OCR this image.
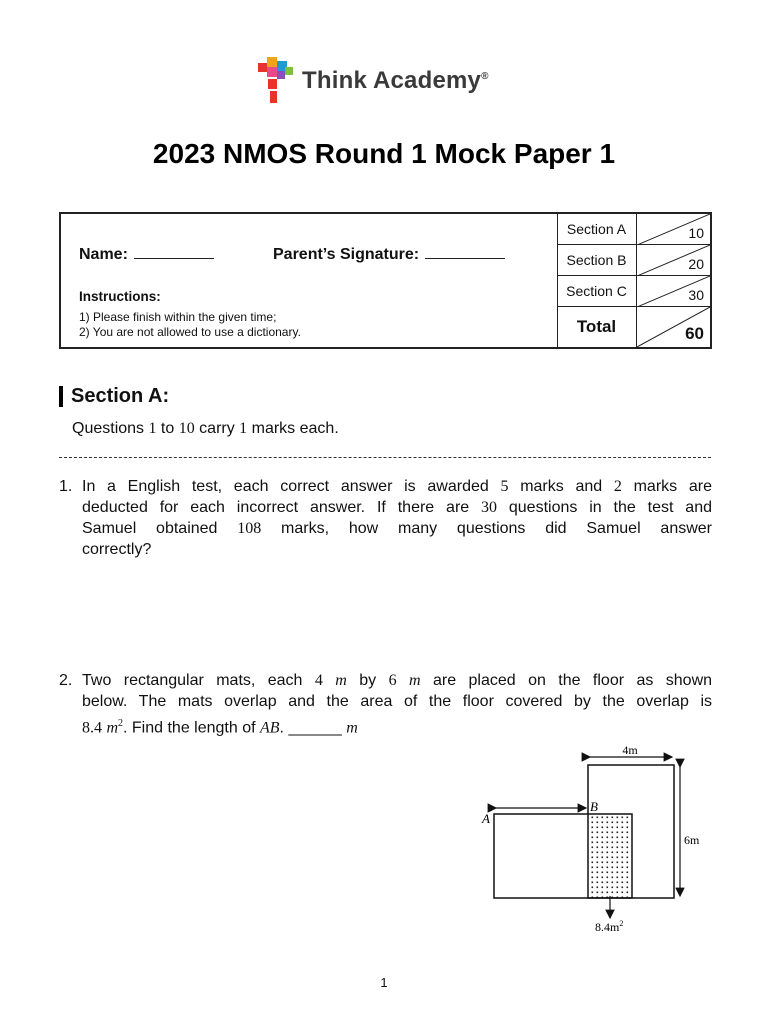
Think Academy®
2023 NMOS Round 1 Mock Paper 1
Name:	Parent’s Signature:
Instructions:
1) Please finish within the given time;
2) You are not allowed to use a dictionary.
Section A	10
Section B	20
Section C	30
Total	60
Section A:
Questions 1 to 10 carry 1 marks each.
1. In a English test, each correct answer is awarded 5 marks and 2 marks are
deducted for each incorrect answer. If there are 30 questions in the test and
Samuel obtained 108 marks, how many questions did Samuel answer
correctly?
2. Two rectangular mats, each 4 m by 6 m are placed on the floor as shown
below. The mats overlap and the area of the floor covered by the overlap is
8.4 $m^2$. Find the length of AB. ______ m
4m
6m
A
B
$8.4m^2$
1
